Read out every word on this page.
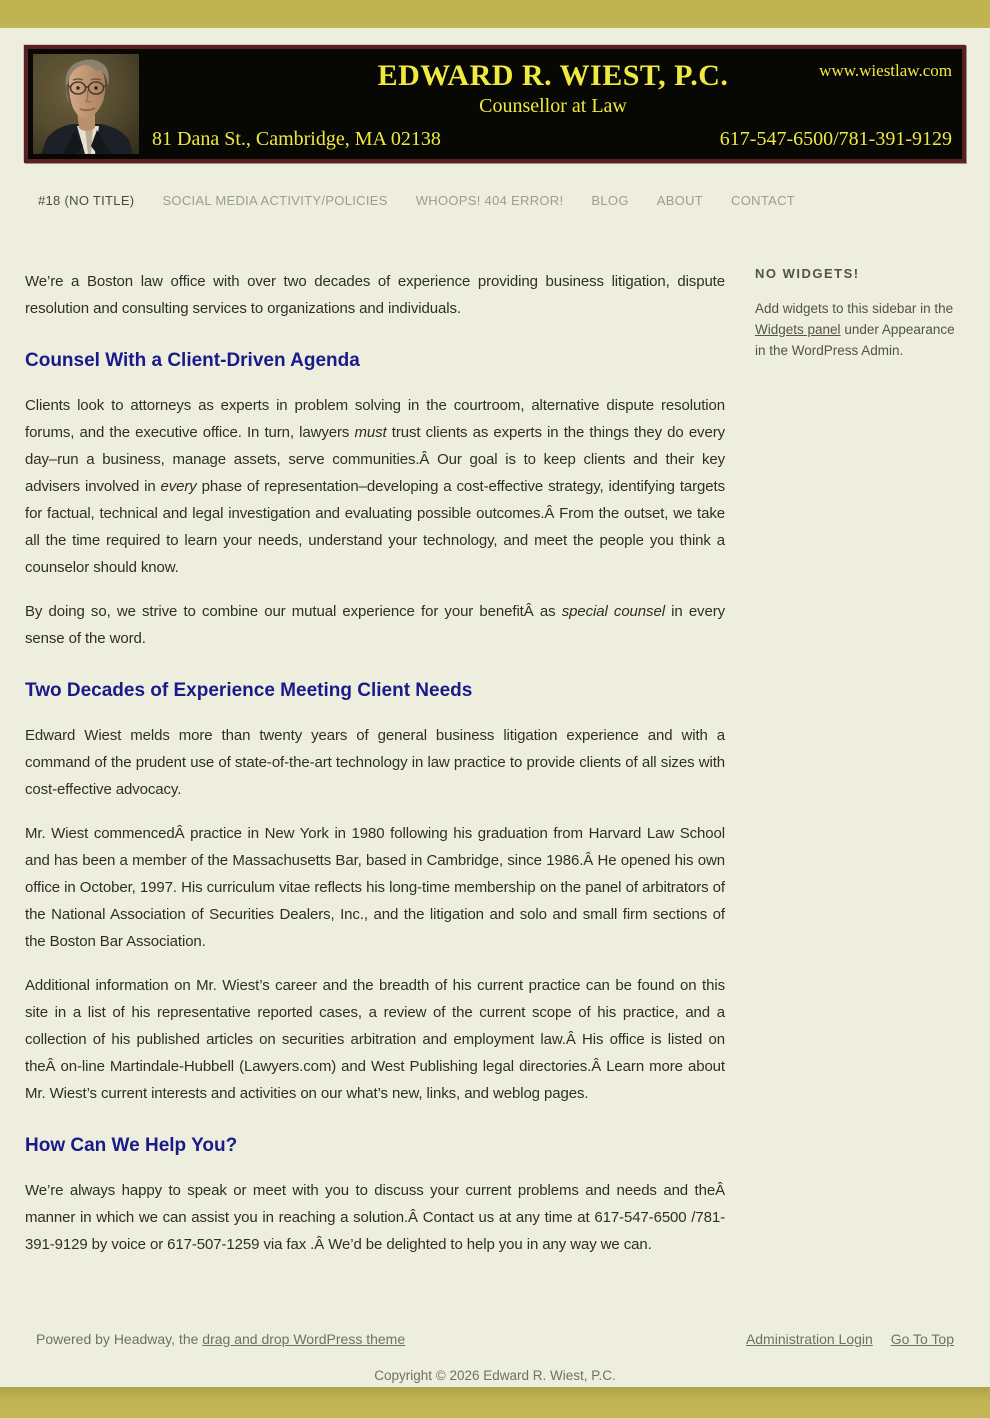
www.wiestlaw.com
EDWARD R. WIEST, P.C.
Counsellor at Law
81 Dana St., Cambridge, MA 02138	617-547-6500/781-391-9129
#18 (NO TITLE) SOCIAL MEDIA ACTIVITY/POLICIES WHOOPS! 404 ERROR! BLOG ABOUT CONTACT

We’re a Boston law office with over two decades of experience providing business litigation, dispute resolution and consulting services to organizations and individuals.

Counsel With a Client-Driven Agenda

Clients look to attorneys as experts in problem solving in the courtroom, alternative dispute resolution forums, and the executive office. In turn, lawyers must trust clients as experts in the things they do every day–run a business, manage assets, serve communities.Â Our goal is to keep clients and their key advisers involved in every phase of representation–developing a cost-effective strategy, identifying targets for factual, technical and legal investigation and evaluating possible outcomes.Â From the outset, we take all the time required to learn your needs, understand your technology, and meet the people you think a counselor should know.

By doing so, we strive to combine our mutual experience for your benefitÂ as special counsel in every sense of the word.

Two Decades of Experience Meeting Client Needs

Edward Wiest melds more than twenty years of general business litigation experience and with a command of the prudent use of state-of-the-art technology in law practice to provide clients of all sizes with cost-effective advocacy.

Mr. Wiest commencedÂ practice in New York in 1980 following his graduation from Harvard Law School and has been a member of the Massachusetts Bar, based in Cambridge, since 1986.Â He opened his own office in October, 1997. His curriculum vitae reflects his long-time membership on the panel of arbitrators of the National Association of Securities Dealers, Inc., and the litigation and solo and small firm sections of the Boston Bar Association.

Additional information on Mr. Wiest’s career and the breadth of his current practice can be found on this site in a list of his representative reported cases, a review of the current scope of his practice, and a collection of his published articles on securities arbitration and employment law.Â His office is listed on theÂ on-line Martindale-Hubbell (Lawyers.com) and West Publishing legal directories.Â Learn more about Mr. Wiest’s current interests and activities on our what’s new, links, and weblog pages.

How Can We Help You?

We’re always happy to speak or meet with you to discuss your current problems and needs and theÂ manner in which we can assist you in reaching a solution.Â Contact us at any time at 617-547-6500 /781-391-9129 by voice or 617-507-1259 via fax .Â We’d be delighted to help you in any way we can.

NO WIDGETS!

Add widgets to this sidebar in the Widgets panel under Appearance in the WordPress Admin.

Powered by Headway, the drag and drop WordPress theme	Administration Login Go To Top
Copyright © 2026 Edward R. Wiest, P.C.
